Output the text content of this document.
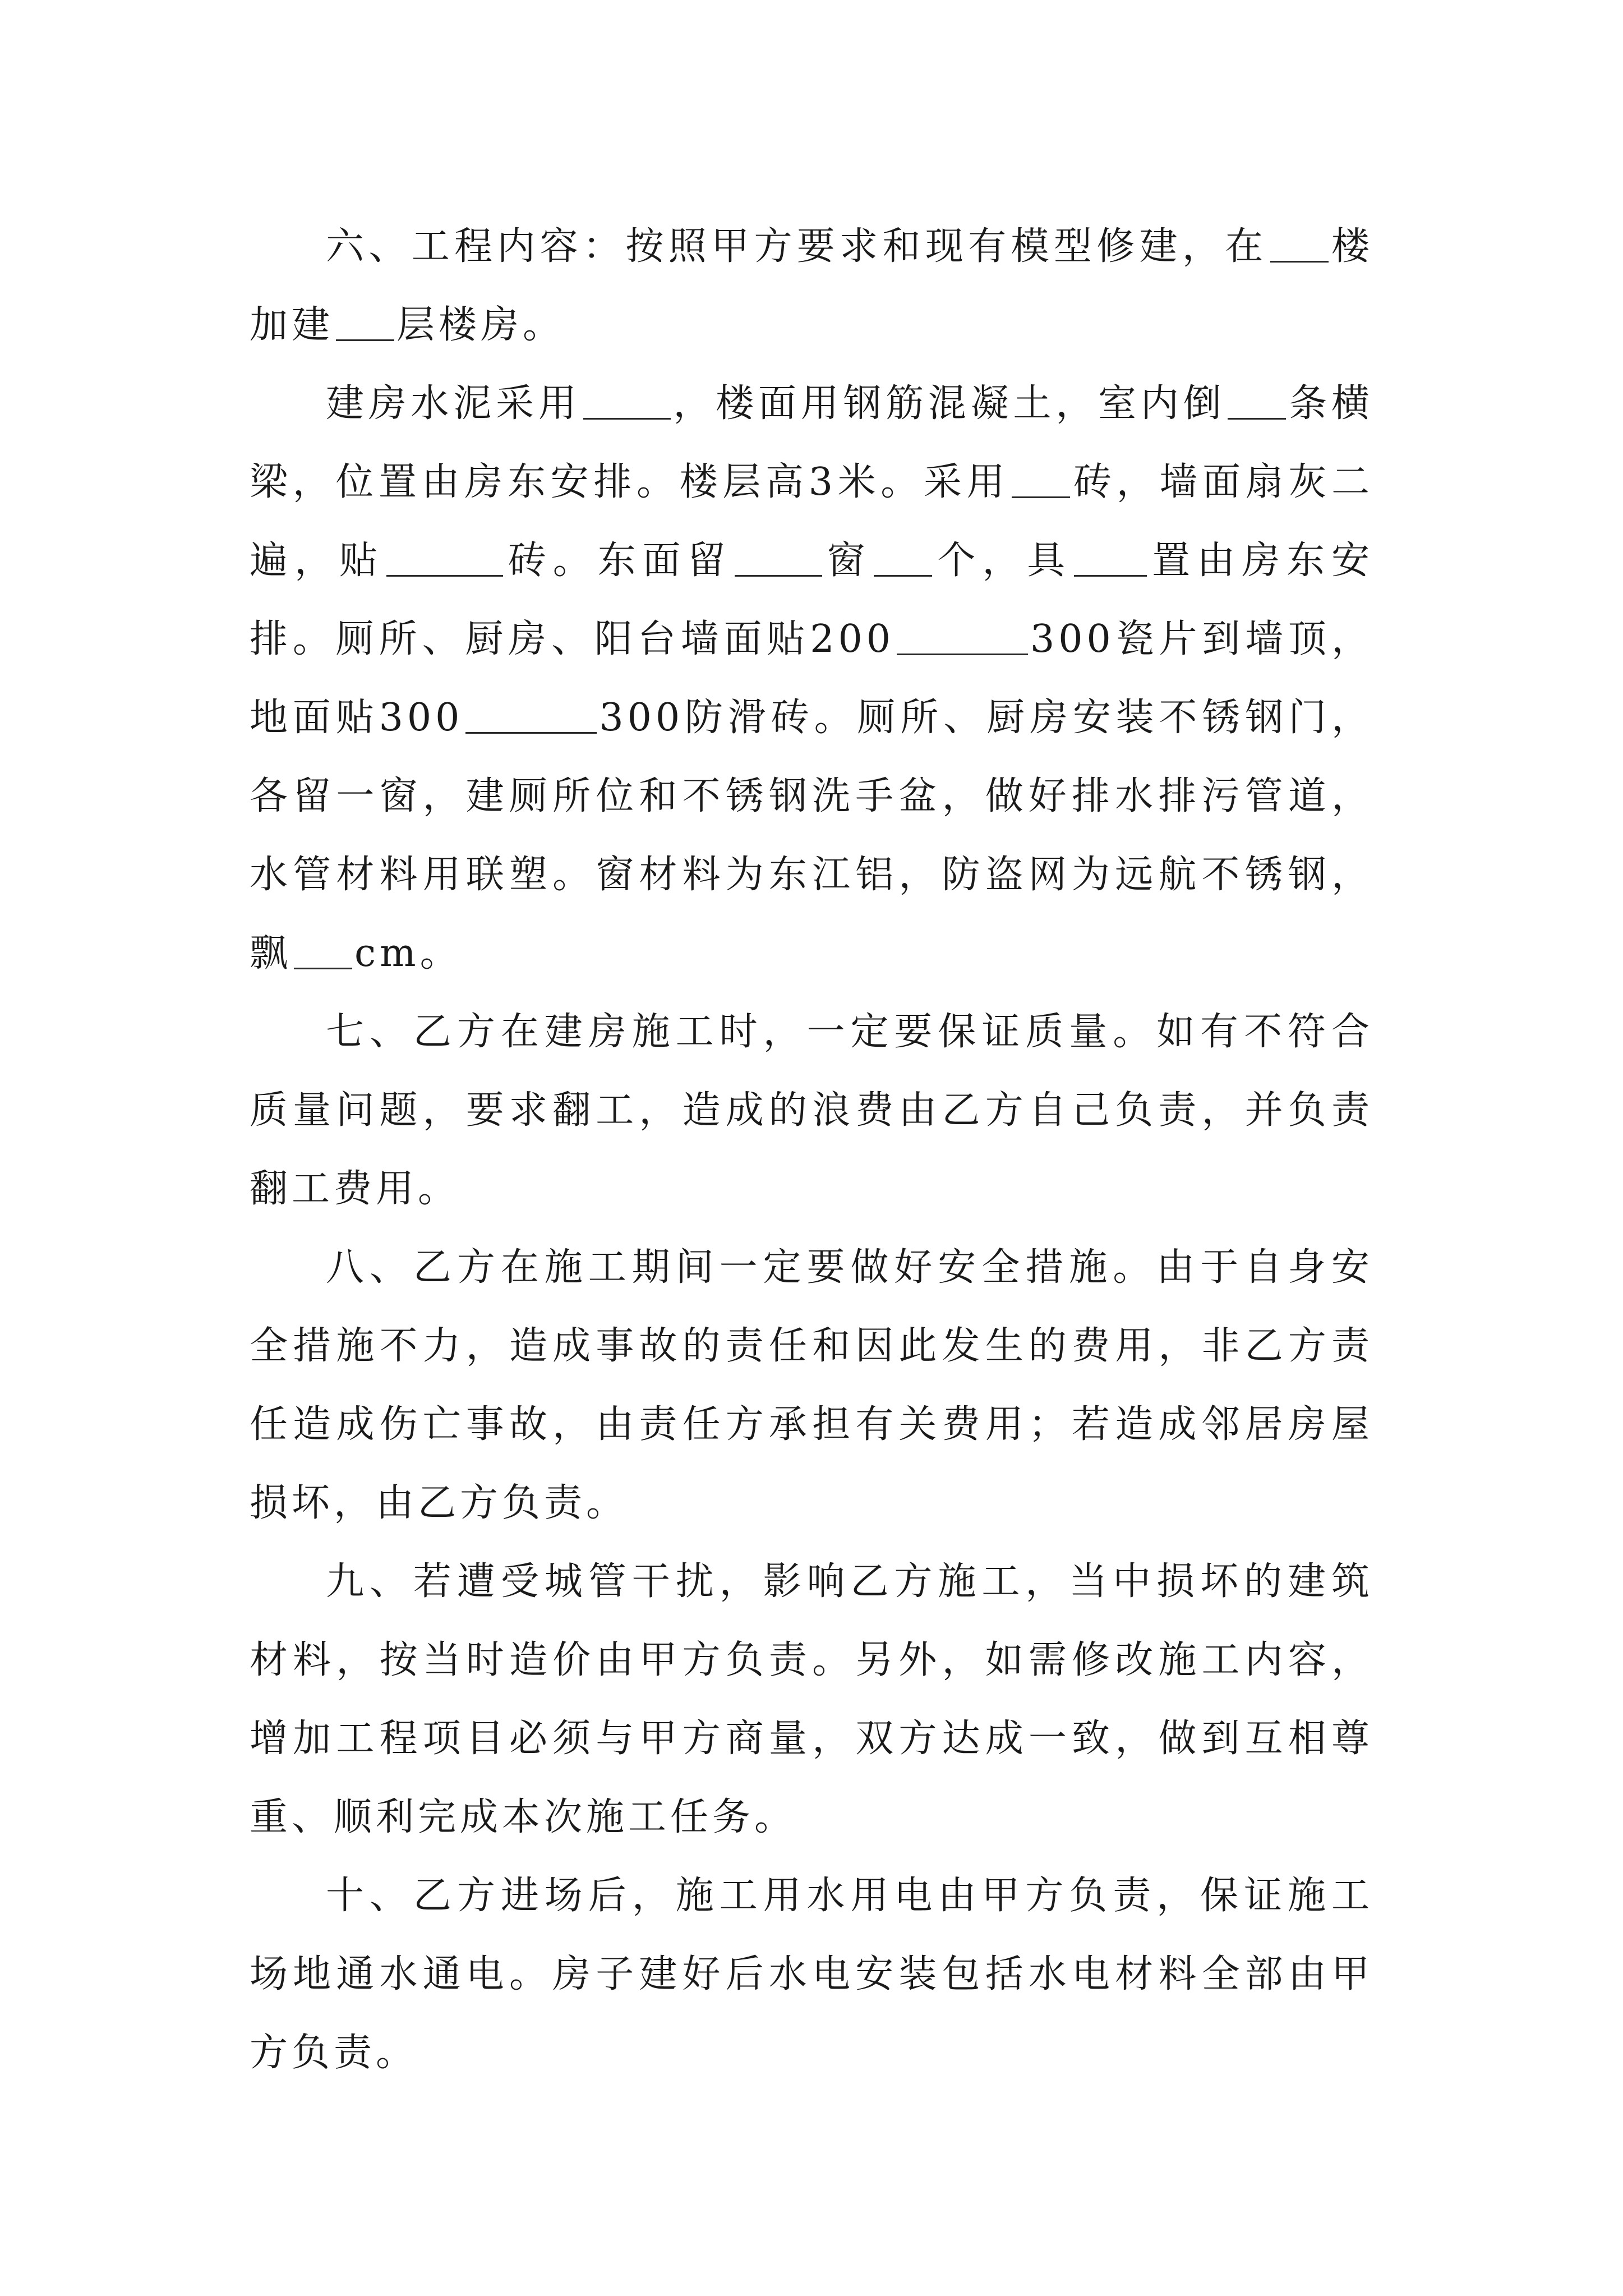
六、工程内容：按照甲方要求和现有模型修建，在 楼加建 层楼房。

建房水泥采用 ，楼面用钢筋混凝土，室内倒 条横梁，位置由房东安排。楼层高3米。采用 砖，墙面扇灰二遍，贴	砖。东面留 窗 个，具 置由房东安排。厕所、厨房、阳台墙面贴200	300瓷片到墙顶，地面贴300	300防滑砖。厕所、厨房安装不锈钢门，各留一窗，建厕所位和不锈钢洗手盆，做好排水排污管道，水管材料用联塑。窗材料为东江铝，防盗网为远航不锈钢，飘 cm。

七、乙方在建房施工时，一定要保证质量。如有不符合质量问题，要求翻工，造成的浪费由乙方自己负责，并负责翻工费用。

八、乙方在施工期间一定要做好安全措施。由于自身安全措施不力，造成事故的责任和因此发生的费用，非乙方责任造成伤亡事故，由责任方承担有关费用；若造成邻居房屋损坏，由乙方负责。

九、若遭受城管干扰，影响乙方施工，当中损坏的建筑材料，按当时造价由甲方负责。另外，如需修改施工内容，增加工程项目必须与甲方商量，双方达成一致，做到互相尊重、顺利完成本次施工任务。

十、乙方进场后，施工用水用电由甲方负责，保证施工场地通水通电。房子建好后水电安装包括水电材料全部由甲方负责。
